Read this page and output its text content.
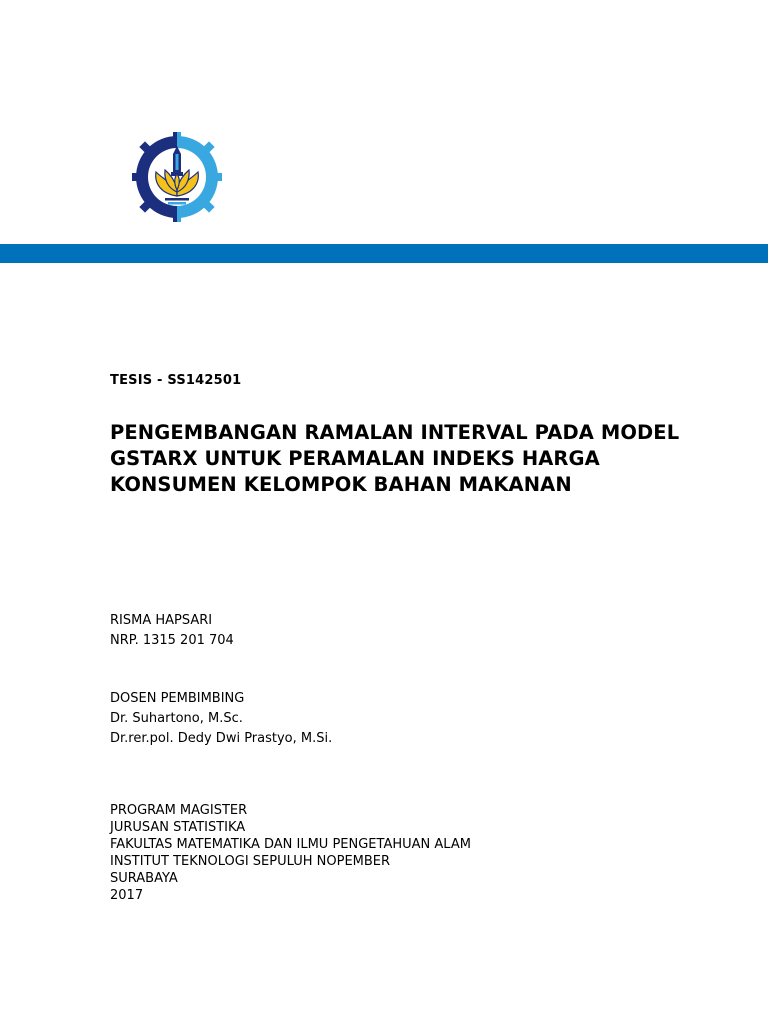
TESIS - SS142501
PENGEMBANGAN RAMALAN INTERVAL PADA MODEL
GSTARX UNTUK PERAMALAN INDEKS HARGA
KONSUMEN KELOMPOK BAHAN MAKANAN
RISMA HAPSARI
NRP. 1315 201 704
DOSEN PEMBIMBING
Dr. Suhartono, M.Sc.
Dr.rer.pol. Dedy Dwi Prastyo, M.Si.
PROGRAM MAGISTER
JURUSAN STATISTIKA
FAKULTAS MATEMATIKA DAN ILMU PENGETAHUAN ALAM
INSTITUT TEKNOLOGI SEPULUH NOPEMBER
SURABAYA
2017
